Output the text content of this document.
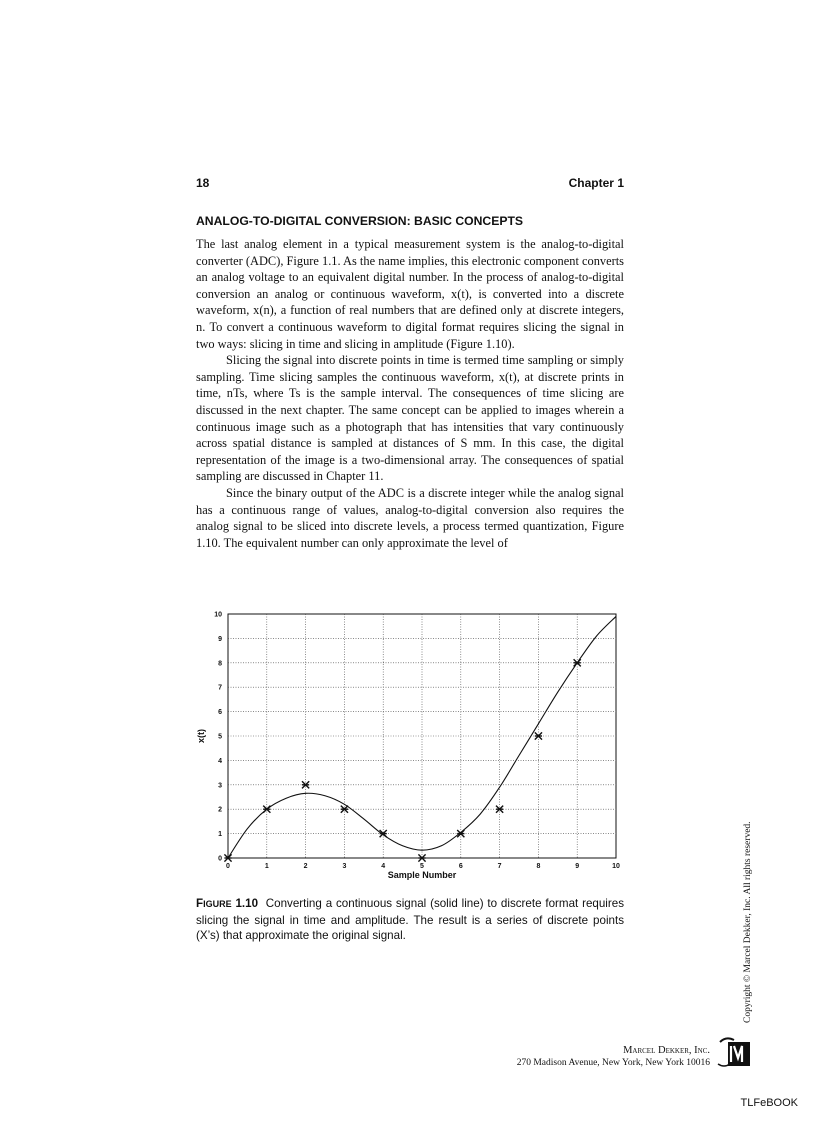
18	Chapter 1
ANALOG-TO-DIGITAL CONVERSION: BASIC CONCEPTS

The last analog element in a typical measurement system is the analog-to-digital converter (ADC), Figure 1.1. As the name implies, this electronic component converts an analog voltage to an equivalent digital number. In the process of analog-to-digital conversion an analog or continuous waveform, x(t), is converted into a discrete waveform, x(n), a function of real numbers that are defined only at discrete integers, n. To convert a continuous waveform to digital format requires slicing the signal in two ways: slicing in time and slicing in amplitude (Figure 1.10).

Slicing the signal into discrete points in time is termed time sampling or simply sampling. Time slicing samples the continuous waveform, x(t), at discrete prints in time, nTs, where Ts is the sample interval. The consequences of time slicing are discussed in the next chapter. The same concept can be applied to images wherein a continuous image such as a photograph that has intensities that vary continuously across spatial distance is sampled at distances of S mm. In this case, the digital representation of the image is a two-dimensional array. The consequences of spatial sampling are discussed in Chapter 11.

Since the binary output of the ADC is a discrete integer while the analog signal has a continuous range of values, analog-to-digital conversion also requires the analog signal to be sliced into discrete levels, a process termed quantization, Figure 1.10. The equivalent number can only approximate the level of

0	1	2	3	4	5	6	7	8	9	10
0
1
2
3
4
5
6
7
8
9
10
Sample Number
x(t)
FIGURE 1.10 Converting a continuous signal (solid line) to discrete format requires slicing the signal in time and amplitude. The result is a series of discrete points (X’s) that approximate the original signal.	Copyright © Marcel Dekker, Inc. All rights reserved.
Marcel Dekker, Inc.
270 Madison Avenue, New York, New York 10016
TLFeBOOK
